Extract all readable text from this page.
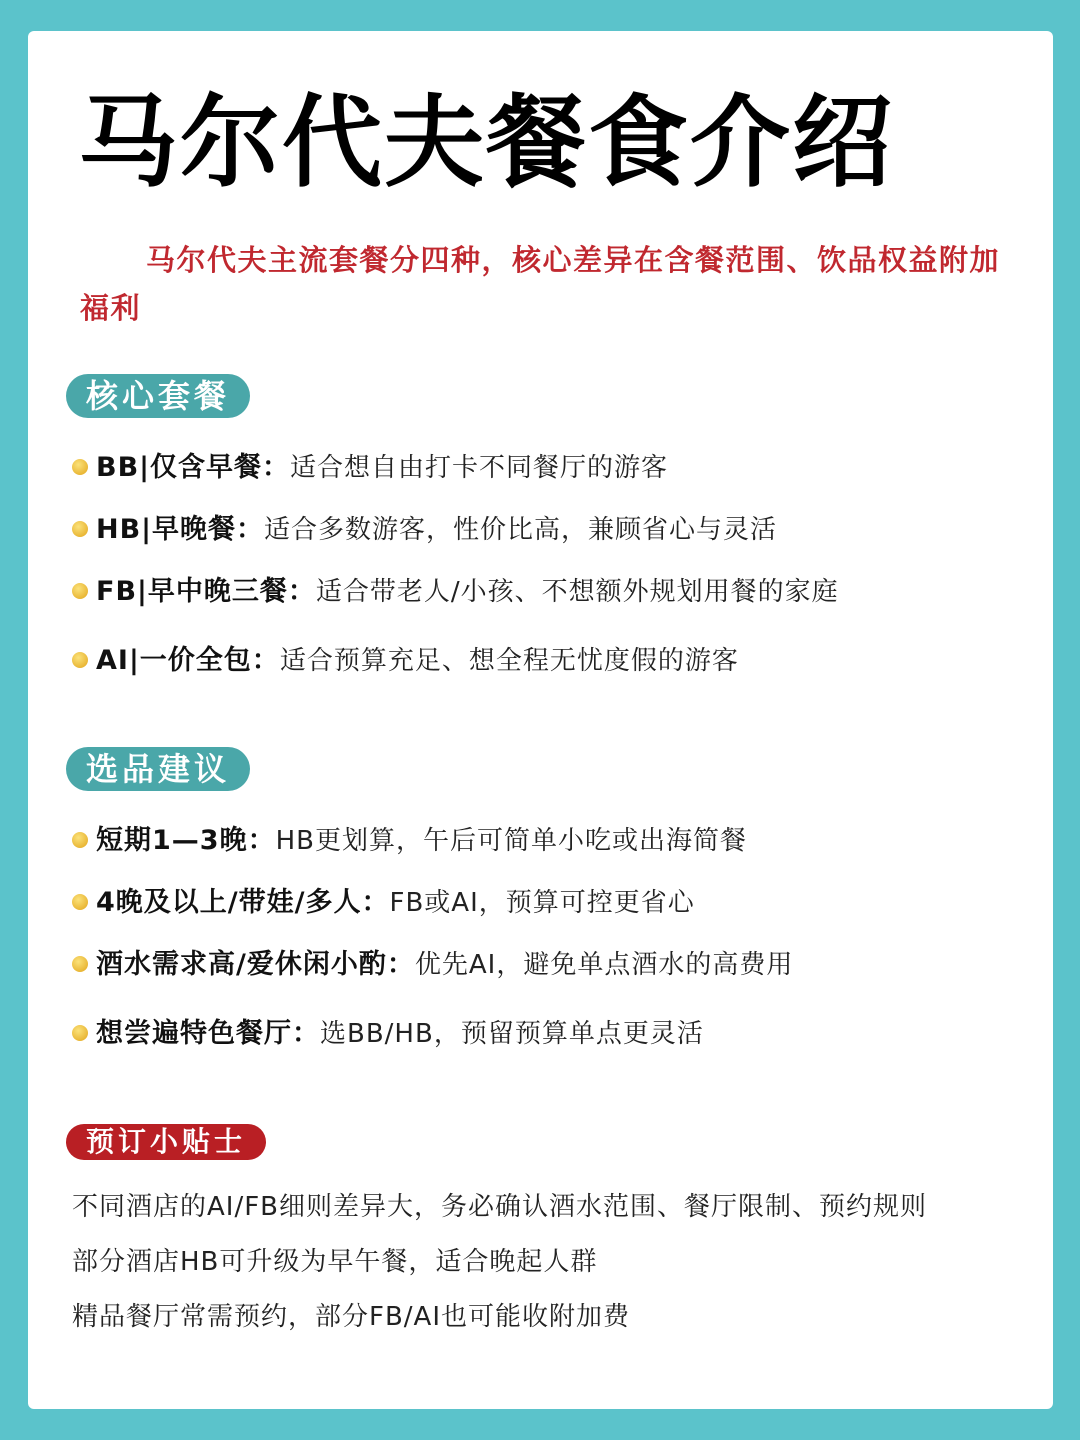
马尔代夫餐食介绍

马尔代夫主流套餐分四种，核心差异在含餐范围、饮品权益附加福利

核心套餐
BB|仅含早餐：适合想自由打卡不同餐厅的游客
HB|早晚餐：适合多数游客，性价比高，兼顾省心与灵活
FB|早中晚三餐：适合带老人/小孩、不想额外规划用餐的家庭
AI|一价全包：适合预算充足、想全程无忧度假的游客
选品建议
短期1—3晚：HB更划算，午后可简单小吃或出海简餐
4晚及以上/带娃/多人：FB或AI，预算可控更省心
酒水需求高/爱休闲小酌：优先AI，避免单点酒水的高费用
想尝遍特色餐厅：选BB/HB，预留预算单点更灵活
预订小贴士
不同酒店的AI/FB细则差异大，务必确认酒水范围、餐厅限制、预约规则
部分酒店HB可升级为早午餐，适合晚起人群
精品餐厅常需预约，部分FB/AI也可能收附加费
